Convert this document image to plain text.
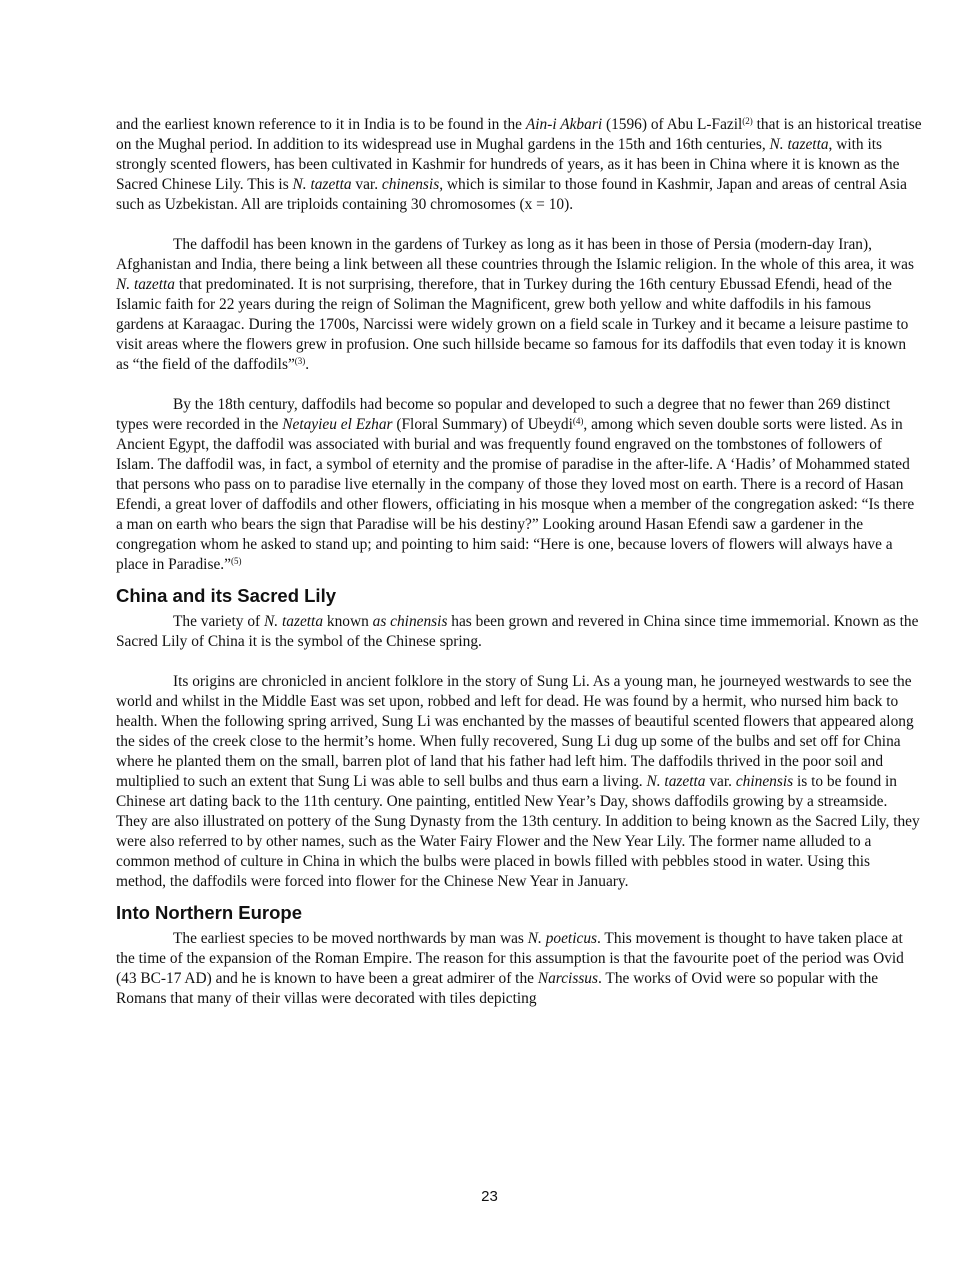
and the earliest known reference to it in India is to be found in the Ain-i Akbari (1596) of Abu L-Fazil$^{(2)}$ that is an historical treatise on the Mughal period. In addition to its widespread use in Mughal gardens in the 15th and 16th centuries, N. tazetta, with its strongly scented flowers, has been cultivated in Kashmir for hundreds of years, as it has been in China where it is known as the Sacred Chinese Lily. This is N. tazetta var. chinensis, which is similar to those found in Kashmir, Japan and areas of central Asia such as Uzbekistan. All are triploids containing 30 chromosomes (x = 10).

The daffodil has been known in the gardens of Turkey as long as it has been in those of Persia (modern-day Iran), Afghanistan and India, there being a link between all these countries through the Islamic religion. In the whole of this area, it was N. tazetta that predominated. It is not surprising, therefore, that in Turkey during the 16th century Ebussad Efendi, head of the Islamic faith for 22 years during the reign of Soliman the Magnificent, grew both yellow and white daffodils in his famous gardens at Karaagac. During the 1700s, Narcissi were widely grown on a field scale in Turkey and it became a leisure pastime to visit areas where the flowers grew in profusion. One such hillside became so famous for its daffodils that even today it is known as “the field of the daffodils”$^{(3)}$.

By the 18th century, daffodils had become so popular and developed to such a degree that no fewer than 269 distinct types were recorded in the Netayieu el Ezhar (Floral Summary) of Ubeydi$^{(4)}$, among which seven double sorts were listed. As in Ancient Egypt, the daffodil was associated with burial and was frequently found engraved on the tombstones of followers of Islam. The daffodil was, in fact, a symbol of eternity and the promise of paradise in the after-life. A ‘Hadis’ of Mohammed stated that persons who pass on to paradise live eternally in the company of those they loved most on earth. There is a record of Hasan Efendi, a great lover of daffodils and other flowers, officiating in his mosque when a member of the congregation asked: “Is there a man on earth who bears the sign that Paradise will be his destiny?” Looking around Hasan Efendi saw a gardener in the congregation whom he asked to stand up; and pointing to him said: “Here is one, because lovers of flowers will always have a place in Paradise.”$^{(5)}$

China and its Sacred Lily

The variety of N. tazetta known as chinensis has been grown and revered in China since time immemorial. Known as the Sacred Lily of China it is the symbol of the Chinese spring.

Its origins are chronicled in ancient folklore in the story of Sung Li. As a young man, he journeyed westwards to see the world and whilst in the Middle East was set upon, robbed and left for dead. He was found by a hermit, who nursed him back to health. When the following spring arrived, Sung Li was enchanted by the masses of beautiful scented flowers that appeared along the sides of the creek close to the hermit’s home. When fully recovered, Sung Li dug up some of the bulbs and set off for China where he planted them on the small, barren plot of land that his father had left him. The daffodils thrived in the poor soil and multiplied to such an extent that Sung Li was able to sell bulbs and thus earn a living. N. tazetta var. chinensis is to be found in Chinese art dating back to the 11th century. One painting, entitled New Year’s Day, shows daffodils growing by a streamside. They are also illustrated on pottery of the Sung Dynasty from the 13th century. In addition to being known as the Sacred Lily, they were also referred to by other names, such as the Water Fairy Flower and the New Year Lily. The former name alluded to a common method of culture in China in which the bulbs were placed in bowls filled with pebbles stood in water. Using this method, the daffodils were forced into flower for the Chinese New Year in January.

Into Northern Europe

The earliest species to be moved northwards by man was N. poeticus. This movement is thought to have taken place at the time of the expansion of the Roman Empire. The reason for this assumption is that the favourite poet of the period was Ovid (43 BC-17 AD) and he is known to have been a great admirer of the Narcissus. The works of Ovid were so popular with the Romans that many of their villas were decorated with tiles depicting

23
